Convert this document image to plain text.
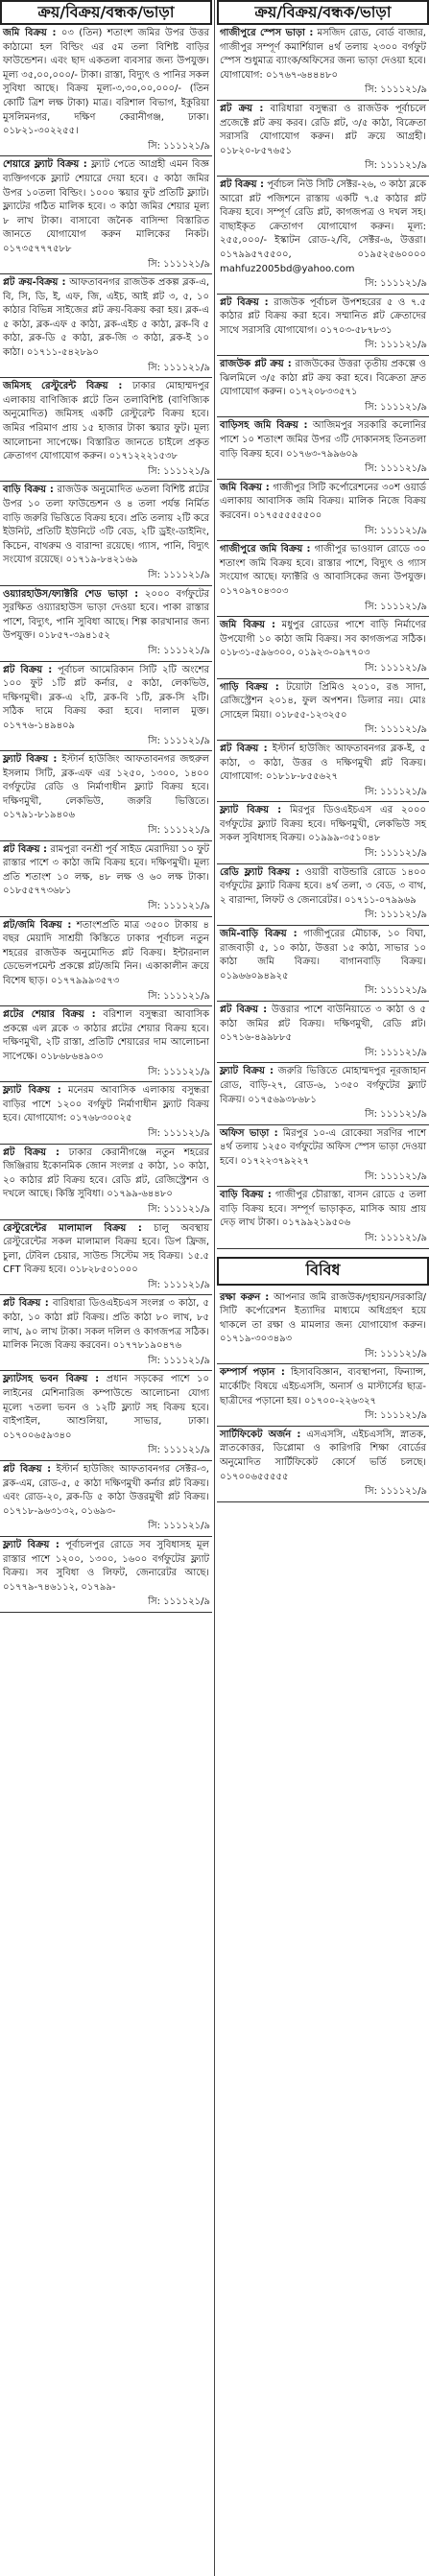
ক্রয়/বিক্রয়/বন্ধক/ভাড়া
জমি বিক্রয় : ০৩ (তিন) শতাংশ জমির উপর উত্তর কাঠামো হল বিল্ডিং এর ৫ম তলা বিশিষ্ট বাড়ির ফাউন্ডেশন। এবং ছাদ একতলা ব্যবসার জন্য উপযুক্ত। মূল্য ৩৫,০০,০০০/- টাকা। রাস্তা, বিদ্যুৎ ও পানির সকল সুবিধা আছে। বিক্রয় মূল্য-৩,৩০,০০,০০০/- (তিন কোটি ত্রিশ লক্ষ টাকা) মাত্র। বরিশাল বিভাগ, ইকুরিয়া মুসলিমনগর, দক্ষিণ কেরানীগঞ্জ, ঢাকা। ০১৮২১-৩০২২৫৫।
সি: ১১১১২১/৯
শেয়ারে ফ্ল্যাট বিক্রয় : ফ্ল্যাট পেতে আগ্রহী এমন বিজ্ঞ ব্যক্তিগণকে ফ্ল্যাট শেয়ারে দেয়া হবে। ৫ কাঠা জমির উপর ১০তলা বিল্ডিং। ১০০০ স্কয়ার ফুট প্রতিটি ফ্ল্যাট। ফ্ল্যাটের গঠিত মালিক হবে। ৩ কাঠা জমির শেয়ার মূল্য ৮ লাখ টাকা। বাসাবো জনৈক বাসিন্দা বিস্তারিত জানতে যোগাযোগ করুন মালিকের নিকট। ০১৭৩৫৭৭৭৫৮৮
সি: ১১১১২১/৯
প্লট ক্রয়-বিক্রয় : আফতাবনগর রাজউক প্রকল্প ব্লক-এ, বি, সি, ডি, ই, এফ, জি, এইচ, আই প্লট ৩, ৫, ১০ কাঠার বিভিন্ন সাইজের প্লট ক্রয়-বিক্রয় করা হয়। ব্লক-এ ৫ কাঠা, ব্লক-এফ ৫ কাঠা, ব্লক-এইচ ৫ কাঠা, ব্লক-বি ৫ কাঠা, ব্লক-ডি ৫ কাঠা, ব্লক-জি ৩ কাঠা, ব্লক-ই ১০ কাঠা। ০১৭১১-৫৪২৮৯০
সি: ১১১১২১/৯
জমিসহ রেস্টুরেন্ট বিক্রয় : ঢাকার মোহাম্মদপুর এলাকায় বাণিজ্যিক প্লটে তিন তলাবিশিষ্ট (বাণিজ্যিক অনুমোদিত) জমিসহ একটি রেস্টুরেন্ট বিক্রয় হবে। জমির পরিমাণ প্রায় ১৫ হাজার টাকা স্কয়ার ফুট। মূল্য আলোচনা সাপেক্ষে। বিস্তারিত জানতে চাইলে প্রকৃত ক্রেতাগণ যোগাযোগ করুন। ০১৭১২২২১৫৩৮
সি: ১১১১২১/৯
বাড়ি বিক্রয় : রাজউক অনুমোদিত ৬তলা বিশিষ্ট প্লটের উপর ১০ তলা ফাউন্ডেশন ও ৪ তলা পর্যন্ত নির্মিত বাড়ি জরুরি ভিত্তিতে বিক্রয় হবে। প্রতি তলায় ২টি করে ইউনিট, প্রতিটি ইউনিটে ৩টি বেড, ২টি ড্রইং-ডাইনিং, কিচেন, বাথরুম ও বারান্দা রয়েছে। গ্যাস, পানি, বিদ্যুৎ সংযোগ রয়েছে। ০১৭১৯-৮৪২১৬৯
সি: ১১১১২১/৯
ওয়্যারহাউস/ফ্যাক্টরি শেড ভাড়া : ২০০০ বর্গফুটের সুরক্ষিত ওয়্যারহাউস ভাড়া দেওয়া হবে। পাকা রাস্তার পাশে, বিদ্যুৎ, পানি সুবিধা আছে। শিল্প কারখানার জন্য উপযুক্ত। ০১৮৫৭-৩৯৪১৫২
সি: ১১১১২১/৯
প্লট বিক্রয় : পূর্বাচল আমেরিকান সিটি ২টি অংশের ১০০ ফুট ১টি প্লট কর্নার, ৫ কাঠা, লেকভিউ, দক্ষিণমুখী। ব্লক-এ ২টি, ব্লক-বি ১টি, ব্লক-সি ২টি। সঠিক দামে বিক্রয় করা হবে। দালাল মুক্ত। ০১৭৭৬-১৪৯৪০৯
সি: ১১১১২১/৯
ফ্ল্যাট বিক্রয় : ইস্টার্ন হাউজিং আফতাবনগর জহুরুল ইসলাম সিটি, ব্লক-এফ এর ১২৫০, ১৩০০, ১৪০০ বর্গফুটের রেডি ও নির্মাণাধীন ফ্ল্যাট বিক্রয় হবে। দক্ষিণমুখী, লেকভিউ, জরুরি ভিত্তিতে। ০১৭৯১-৮১৯৪০৬
সি: ১১১১২১/৯
প্লট বিক্রয় : রামপুরা বনশ্রী পূর্ব সাইড মেরাদিয়া ১০ ফুট রাস্তার পাশে ৩ কাঠা জমি বিক্রয় হবে। দক্ষিণমুখী। মূল্য প্রতি শতাংশ ১০ লক্ষ, ৪৮ লক্ষ ও ৬০ লক্ষ টাকা। ০১৮৫৫৭৭৩৬৮১
সি: ১১১১২১/৯
প্লট/জমি বিক্রয় : শতাংশপ্রতি মাত্র ৩৫০০ টাকায় ৪ বছর মেয়াদি সাশ্রয়ী কিস্তিতে ঢাকার পূর্বাচল নতুন শহরের রাজউক অনুমোদিত প্লট বিক্রয়। ইন্টারনাল ডেভেলপমেন্ট প্রকল্পে প্লট/জমি নিন। একাকালীন ক্রয়ে বিশেষ ছাড়। ০১৭৭৯৯৯৩৫৭৩
সি: ১১১১২১/৯
প্লটের শেয়ার বিক্রয় : বরিশাল বসুন্ধরা আবাসিক প্রকল্পে এল ব্লকে ৩ কাঠার প্লটের শেয়ার বিক্রয় হবে। দক্ষিণমুখী, ২টি রাস্তা, প্রতিটি শেয়ারের দাম আলোচনা সাপেক্ষে। ০১৮৬৮৬৪৯০৩
সি: ১১১১২১/৯
ফ্ল্যাট বিক্রয় : মনেরম আবাসিক এলাকায় বসুন্ধরা বাড়ির পাশে ১২০০ বর্গফুট নির্মাণাধীন ফ্ল্যাট বিক্রয় হবে। যোগাযোগ: ০১৭৬৮৩০০২৫
সি: ১১১১২১/৯
প্লট বিক্রয় : ঢাকার কেরানীগঞ্জে নতুন শহরের জিঞ্জিরায় ইকোনমিক জোন সংলগ্ন ৫ কাঠা, ১০ কাঠা, ২০ কাঠার প্লট বিক্রয় হবে। রেডি প্লট, রেজিস্ট্রেশন ও দখলে আছে। কিস্তি সুবিধা। ০১৭৯৯-৬৪৪৮০
সি: ১১১১২১/৯
রেস্টুরেন্টের মালামাল বিক্রয় : চালু অবস্থায় রেস্টুরেন্টের সকল মালামাল বিক্রয় হবে। ডিপ ফ্রিজ, চুলা, টেবিল চেয়ার, সাউন্ড সিস্টেম সহ বিক্রয়। ১৫.৫ CFT বিক্রয় হবে। ০১৮২৮৫০১০০০
সি: ১১১১২১/৯
প্লট বিক্রয় : বারিধারা ডিওএইচএস সংলগ্ন ৩ কাঠা, ৫ কাঠা, ১০ কাঠা প্লট বিক্রয়। প্রতি কাঠা ৮০ লাখ, ৮৫ লাখ, ৯০ লাখ টাকা। সকল দলিল ও কাগজপত্র সঠিক। মালিক নিজে বিক্রয় করবেন। ০১৭৭৮১৯০৪৭৬
সি: ১১১১২১/৯
ফ্ল্যাটসহ ভবন বিক্রয় : প্রধান সড়কের পাশে ১০ লাইনের মেশিনারিজ কম্পাউন্ডে আলোচনা যোগ্য মূল্যে ৭তলা ভবন ও ১২টি ফ্ল্যাট সহ বিক্রয় হবে। বাইপাইল, আশুলিয়া, সাভার, ঢাকা। ০১৭০০৬৫৯৩৪০
সি: ১১১১২১/৯
প্লট বিক্রয় : ইস্টার্ন হাউজিং আফতাবনগর সেক্টর-৩, ব্লক-এম, রোড-৫, ৫ কাঠা দক্ষিণমুখী কর্নার প্লট বিক্রয়। এবং রোড-২০, ব্লক-ডি ৫ কাঠা উত্তরমুখী প্লট বিক্রয়। ০১৭১৮-৯৬৩১৩২, ০১৬৯৩-
সি: ১১১১২১/৯
ফ্ল্যাট বিক্রয় : পূর্বাচলপুর রোডে সব সুবিধাসহ মূল রাস্তার পাশে ১২০০, ১৩০০, ১৬০০ বর্গফুটের ফ্ল্যাট বিক্রয়। সব সুবিধা ও লিফট, জেনারেটর আছে। ০১৭৭৯-৭৪৬১১২, ০১৭৯৯-
সি: ১১১১২১/৯
ক্রয়/বিক্রয়/বন্ধক/ভাড়া
গাজীপুরে স্পেস ভাড়া : মসজিদ রোড, বোর্ড বাজার, গাজীপুর সম্পূর্ণ কমার্শিয়াল ৪র্থ তলায় ২৩০০ বর্গফুট স্পেস শুধুমাত্র ব্যাংক/অফিসের জন্য ভাড়া দেওয়া হবে। যোগাযোগ: ০১৭৬৭-৬৪৪৪৮০
সি: ১১১১২১/৯
প্লট ক্রয় : বারিধারা বসুন্ধরা ও রাজউক পূর্বাচলে প্রজেক্টে প্লট ক্রয় করব। রেডি প্লট, ৩/৫ কাঠা, বিক্রেতা সরাসরি যোগাযোগ করুন। প্লট ক্রয়ে আগ্রহী। ০১৮২০-৮৫৭৬৫১
সি: ১১১১২১/৯
প্লট বিক্রয় : পূর্বাচল নিউ সিটি সেক্টর-২৬, ৩ কাঠা ব্লকে আরো প্লট পজিশনে রাস্তায় একটি ৭.৫ কাঠার প্লট বিক্রয় হবে। সম্পূর্ণ রেডি প্লট, কাগজপত্র ও দখল সহ। বাছাইকৃত ক্রেতাগণ যোগাযোগ করুন। মূল্য: ২৫৫,০০০/- ইস্কাটন রোড-২/বি, সেক্টর-৬, উত্তরা। ০১৭৯৯৫৭৫৫০০, ০১৯৫২৫৬০০০০ mahfuz2005bd@yahoo.com
সি: ১১১১২১/৯
প্লট বিক্রয় : রাজউক পূর্বাচল উপশহরের ৫ ও ৭.৫ কাঠার প্লট বিক্রয় করা হবে। সম্মানিত প্লট ক্রেতাদের সাথে সরাসরি যোগাযোগ। ০১৭০৩-৫৮৭৮৩১
সি: ১১১১২১/৯
রাজউক প্লট ক্রয় : রাজউকের উত্তরা তৃতীয় প্রকল্পে ও ঝিলমিলে ৩/৫ কাঠা প্লট ক্রয় করা হবে। বিক্রেতা দ্রুত যোগাযোগ করুন। ০১৭২০৮৩৩৫৭১
সি: ১১১১২১/৯
বাড়িসহ জমি বিক্রয় : আজিমপুর সরকারি কলোনির পাশে ১০ শতাংশ জমির উপর ৩টি দোকানসহ তিনতলা বাড়ি বিক্রয় হবে। ০১৭৬৩-৭৯৯৬০৯
সি: ১১১১২১/৯
জমি বিক্রয় : গাজীপুর সিটি কর্পোরেশনের ৩০শ ওয়ার্ড এলাকায় আবাসিক জমি বিক্রয়। মালিক নিজে বিক্রয় করবেন। ০১৭৫৫৫৫৫৫০০
সি: ১১১১২১/৯
গাজীপুরে জমি বিক্রয় : গাজীপুর ভাওয়াল রোডে ৩০ শতাংশ জমি বিক্রয় হবে। রাস্তার পাশে, বিদ্যুৎ ও গ্যাস সংযোগ আছে। ফ্যাক্টরি ও আবাসিকের জন্য উপযুক্ত। ০১৭০৯৭০৪৩০৩
সি: ১১১১২১/৯
জমি বিক্রয় : মধুপুর রোডের পাশে বাড়ি নির্মাণের উপযোগী ১০ কাঠা জমি বিক্রয়। সব কাগজপত্র সঠিক। ০১৮৩১-৫৯৬৩০০, ০১৯২৩-০৯৭৭০৩
সি: ১১১১২১/৯
গাড়ি বিক্রয় : টয়োটা প্রিমিও ২০১০, রঙ সাদা, রেজিস্ট্রেশন ২০১৪, ফুল অপশন। ডিলার নয়। মোঃ সোহেল মিয়া। ০১৮৫৫-১২৩২৫০
সি: ১১১১২১/৯
প্লট বিক্রয় : ইস্টার্ন হাউজিং আফতাবনগর ব্লক-ই, ৫ কাঠা, ৩ কাঠা, উত্তর ও দক্ষিণমুখী প্লট বিক্রয়। যোগাযোগ: ০১৮১৮-৮৫৫৬২৭
সি: ১১১১২১/৯
ফ্ল্যাট বিক্রয় : মিরপুর ডিওএইচএস এর ২০০০ বর্গফুটের ফ্ল্যাট বিক্রয় হবে। দক্ষিণমুখী, লেকভিউ সহ সকল সুবিধাসহ বিক্রয়। ০১৯৯৯-৩৫১০৪৮
সি: ১১১১২১/৯
রেডি ফ্ল্যাট বিক্রয় : ওয়ারী বাউন্ডারি রোডে ১৪০০ বর্গফুটের ফ্ল্যাট বিক্রয় হবে। ৪র্থ তলা, ৩ বেড, ৩ বাথ, ২ বারান্দা, লিফট ও জেনারেটর। ০১৭১১-০৭৯৯৬৯
সি: ১১১১২১/৯
জমি-বাড়ি বিক্রয় : গাজীপুরের মৌচাক, ১০ বিঘা, রাজবাড়ী ৫, ১০ কাঠা, উত্তরা ১৫ কাঠা, সাভার ১০ কাঠা জমি বিক্রয়। বাগানবাড়ি বিক্রয়। ০১৯৬৬০৯৪৯২৫
সি: ১১১১২১/৯
প্লট বিক্রয় : উত্তরার পাশে বাউনিয়াতে ৩ কাঠা ও ৫ কাঠা জমির প্লট বিক্রয়। দক্ষিণমুখী, রেডি প্লট। ০১৭১৬-৪৯৯৮৮৫
সি: ১১১১২১/৯
ফ্ল্যাট বিক্রয় : জরুরি ভিত্তিতে মোহাম্মদপুর নূরজাহান রোড, বাড়ি-২৭, রোড-৬, ১৩৫০ বর্গফুটের ফ্ল্যাট বিক্রয়। ০১৭৫৬৯৩৮৬৮১
সি: ১১১১২১/৯
অফিস ভাড়া : মিরপুর ১০-এ রোকেয়া সরণির পাশে ৪র্থ তলায় ১২৫০ বর্গফুটের অফিস স্পেস ভাড়া দেওয়া হবে। ০১৭২২৩৭৯২২৭
সি: ১১১১২১/৯
বাড়ি বিক্রয় : গাজীপুর চৌরাস্তা, বাসন রোডে ৫ তলা বাড়ি বিক্রয় হবে। সম্পূর্ণ ভাড়াকৃত, মাসিক আয় প্রায় দেড় লাখ টাকা। ০১৭৯৯২১৯৫০৬
সি: ১১১১২১/৯
বিবিধ
রক্ষা করুন : আপনার জমি রাজউক/গৃহায়ন/সরকারি/সিটি কর্পোরেশন ইত্যাদির মাধ্যমে অধিগ্রহণ হয়ে থাকলে তা রক্ষা ও মামলার জন্য যোগাযোগ করুন। ০১৭১৯-৩০৩৪৯৩
সি: ১১১১২১/৯
কম্পার্স পড়ান : হিসাববিজ্ঞান, ব্যবস্থাপনা, ফিন্যান্স, মার্কেটিং বিষয়ে এইচএসসি, অনার্স ও মাস্টার্সের ছাত্র-ছাত্রীদের পড়ানো হয়। ০১৭০০-২২৬৩২৭
সি: ১১১১২১/৯
সার্টিফিকেট অর্জন : এসএসসি, এইচএসসি, স্নাতক, স্নাতকোত্তর, ডিপ্লোমা ও কারিগরি শিক্ষা বোর্ডের অনুমোদিত সার্টিফিকেট কোর্সে ভর্তি চলছে। ০১৭০০৬৫৫৫৫৫
সি: ১১১১২১/৯
